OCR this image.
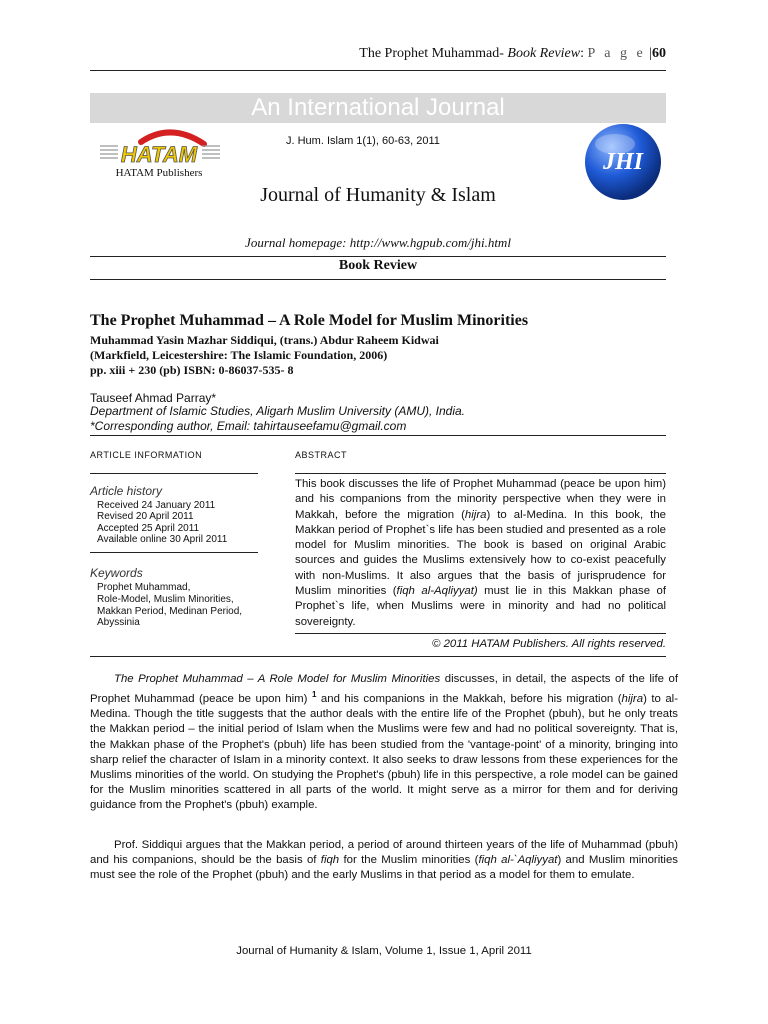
The Prophet Muhammad- Book Review: P a g e |60
An International Journal
HATAM
HATAM Publishers
J. Hum. Islam 1(1), 60-63, 2011
JHI
Journal of Humanity & Islam
Journal homepage: http://www.hgpub.com/jhi.html
Book Review
The Prophet Muhammad – A Role Model for Muslim Minorities
Muhammad Yasin Mazhar Siddiqui, (trans.) Abdur Raheem Kidwai
(Markfield, Leicestershire: The Islamic Foundation, 2006)
pp. xiii + 230 (pb) ISBN: 0-86037-535- 8
Tauseef Ahmad Parray*
Department of Islamic Studies, Aligarh Muslim University (AMU), India.
*Corresponding author, Email: tahirtauseefamu@gmail.com
ARTICLE INFORMATION	ABSTRACT
Article history
Received 24 January 2011
Revised 20 April 2011
Accepted 25 April 2011
Available online 30 April 2011
Keywords
Prophet Muhammad,
Role-Model, Muslim Minorities,
Makkan Period, Medinan Period,
Abyssinia
This book discusses the life of Prophet Muhammad (peace be upon him) and his companions from the minority perspective when they were in Makkah, before the migration (hijra) to al-Medina. In this book, the Makkan period of Prophet`s life has been studied and presented as a role model for Muslim minorities. The book is based on original Arabic sources and guides the Muslims extensively how to co-exist peacefully with non-Muslims. It also argues that the basis of jurisprudence for Muslim minorities (fiqh al-Aqliyyat) must lie in this Makkan phase of Prophet`s life, when Muslims were in minority and had no political sovereignty.
© 2011 HATAM Publishers. All rights reserved.
The Prophet Muhammad – A Role Model for Muslim Minorities discusses, in detail, the aspects of the life of Prophet Muhammad (peace be upon him) $^1$ and his companions in the Makkah, before his migration (hijra) to al-Medina. Though the title suggests that the author deals with the entire life of the Prophet (pbuh), but he only treats the Makkan period – the initial period of Islam when the Muslims were few and had no political sovereignty. That is, the Makkan phase of the Prophet's (pbuh) life has been studied from the 'vantage-point' of a minority, bringing into sharp relief the character of Islam in a minority context. It also seeks to draw lessons from these experiences for the Muslims minorities of the world. On studying the Prophet's (pbuh) life in this perspective, a role model can be gained for the Muslim minorities scattered in all parts of the world. It might serve as a mirror for them and for deriving guidance from the Prophet's (pbuh) example.
Prof. Siddiqui argues that the Makkan period, a period of around thirteen years of the life of Muhammad (pbuh) and his companions, should be the basis of fiqh for the Muslim minorities (fiqh al-`Aqliyyat) and Muslim minorities must see the role of the Prophet (pbuh) and the early Muslims in that period as a model for them to emulate.
Journal of Humanity & Islam, Volume 1, Issue 1, April 2011
